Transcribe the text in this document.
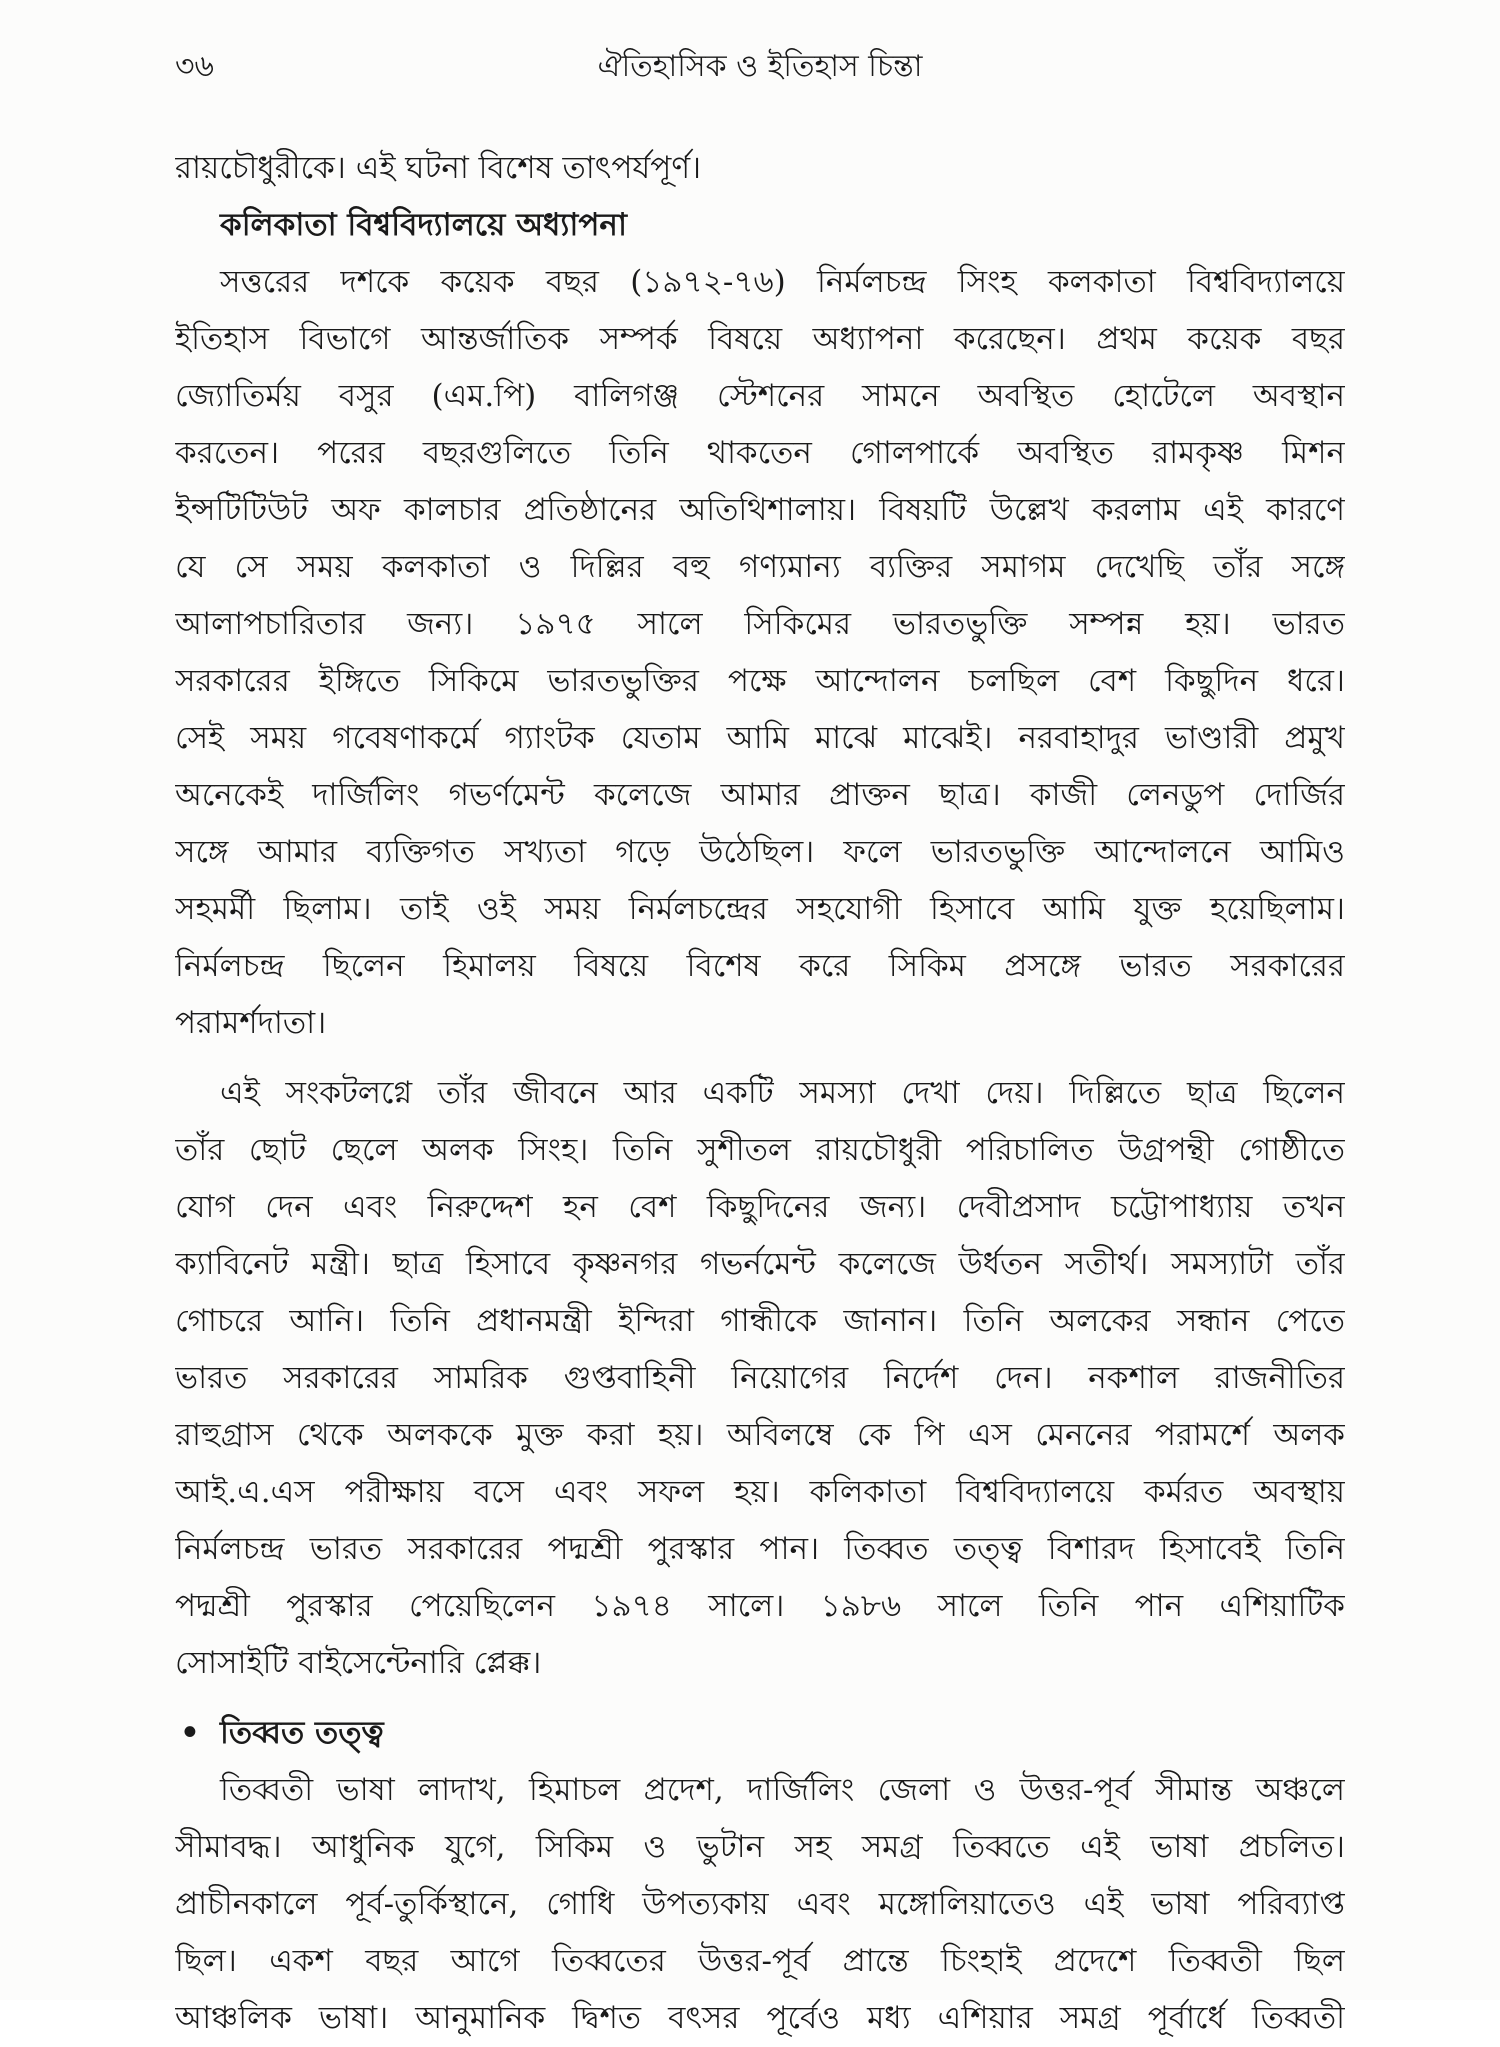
৩৬	ঐতিহাসিক ও ইতিহাস চিন্তা
রায়চৌধুরীকে। এই ঘটনা বিশেষ তাৎপর্যপূর্ণ।
কলিকাতা বিশ্ববিদ্যালয়ে অধ্যাপনা
সত্তরের দশকে কয়েক বছর (১৯৭২-৭৬) নির্মলচন্দ্র সিংহ কলকাতা বিশ্ববিদ্যালয়ে
ইতিহাস বিভাগে আন্তর্জাতিক সম্পর্ক বিষয়ে অধ্যাপনা করেছেন। প্রথম কয়েক বছর
জ্যোতির্ময় বসুর (এম.পি) বালিগঞ্জ স্টেশনের সামনে অবস্থিত হোটেলে অবস্থান
করতেন। পরের বছরগুলিতে তিনি থাকতেন গোলপার্কে অবস্থিত রামকৃষ্ণ মিশন
ইন্সটিটিউট অফ কালচার প্রতিষ্ঠানের অতিথিশালায়। বিষয়টি উল্লেখ করলাম এই কারণে
যে সে সময় কলকাতা ও দিল্লির বহু গণ্যমান্য ব্যক্তির সমাগম দেখেছি তাঁর সঙ্গে
আলাপচারিতার জন্য। ১৯৭৫ সালে সিকিমের ভারতভুক্তি সম্পন্ন হয়। ভারত
সরকারের ইঙ্গিতে সিকিমে ভারতভুক্তির পক্ষে আন্দোলন চলছিল বেশ কিছুদিন ধরে।
সেই সময় গবেষণাকর্মে গ্যাংটক যেতাম আমি মাঝে মাঝেই। নরবাহাদুর ভাণ্ডারী প্রমুখ
অনেকেই দার্জিলিং গভর্ণমেন্ট কলেজে আমার প্রাক্তন ছাত্র। কাজী লেনডুপ দোর্জির
সঙ্গে আমার ব্যক্তিগত সখ্যতা গড়ে উঠেছিল। ফলে ভারতভুক্তি আন্দোলনে আমিও
সহমর্মী ছিলাম। তাই ওই সময় নির্মলচন্দ্রের সহযোগী হিসাবে আমি যুক্ত হয়েছিলাম।
নির্মলচন্দ্র ছিলেন হিমালয় বিষয়ে বিশেষ করে সিকিম প্রসঙ্গে ভারত সরকারের
পরামর্শদাতা।
এই সংকটলগ্নে তাঁর জীবনে আর একটি সমস্যা দেখা দেয়। দিল্লিতে ছাত্র ছিলেন
তাঁর ছোট ছেলে অলক সিংহ। তিনি সুশীতল রায়চৌধুরী পরিচালিত উগ্রপন্থী গোষ্ঠীতে
যোগ দেন এবং নিরুদ্দেশ হন বেশ কিছুদিনের জন্য। দেবীপ্রসাদ চট্টোপাধ্যায় তখন
ক্যাবিনেট মন্ত্রী। ছাত্র হিসাবে কৃষ্ণনগর গভর্নমেন্ট কলেজে উর্ধতন সতীর্থ। সমস্যাটা তাঁর
গোচরে আনি। তিনি প্রধানমন্ত্রী ইন্দিরা গান্ধীকে জানান। তিনি অলকের সন্ধান পেতে
ভারত সরকারের সামরিক গুপ্তবাহিনী নিয়োগের নির্দেশ দেন। নকশাল রাজনীতির
রাহুগ্রাস থেকে অলককে মুক্ত করা হয়। অবিলম্বে কে পি এস মেননের পরামর্শে অলক
আই.এ.এস পরীক্ষায় বসে এবং সফল হয়। কলিকাতা বিশ্ববিদ্যালয়ে কর্মরত অবস্থায়
নির্মলচন্দ্র ভারত সরকারের পদ্মশ্রী পুরস্কার পান। তিব্বত তত্ত্ব বিশারদ হিসাবেই তিনি
পদ্মশ্রী পুরস্কার পেয়েছিলেন ১৯৭৪ সালে। ১৯৮৬ সালে তিনি পান এশিয়াটিক
সোসাইটি বাইসেন্টেনারি প্লেক্ক।
• তিব্বত তত্ত্ব
তিব্বতী ভাষা লাদাখ, হিমাচল প্রদেশ, দার্জিলিং জেলা ও উত্তর-পূর্ব সীমান্ত অঞ্চলে
সীমাবদ্ধ। আধুনিক যুগে, সিকিম ও ভুটান সহ সমগ্র তিব্বতে এই ভাষা প্রচলিত।
প্রাচীনকালে পূর্ব-তুর্কিস্থানে, গোধি উপত্যকায় এবং মঙ্গোলিয়াতেও এই ভাষা পরিব্যাপ্ত
ছিল। একশ বছর আগে তিব্বতের উত্তর-পূর্ব প্রান্তে চিংহাই প্রদেশে তিব্বতী ছিল
আঞ্চলিক ভাষা। আনুমানিক দ্বিশত বৎসর পূর্বেও মধ্য এশিয়ার সমগ্র পূর্বার্ধে তিব্বতী
